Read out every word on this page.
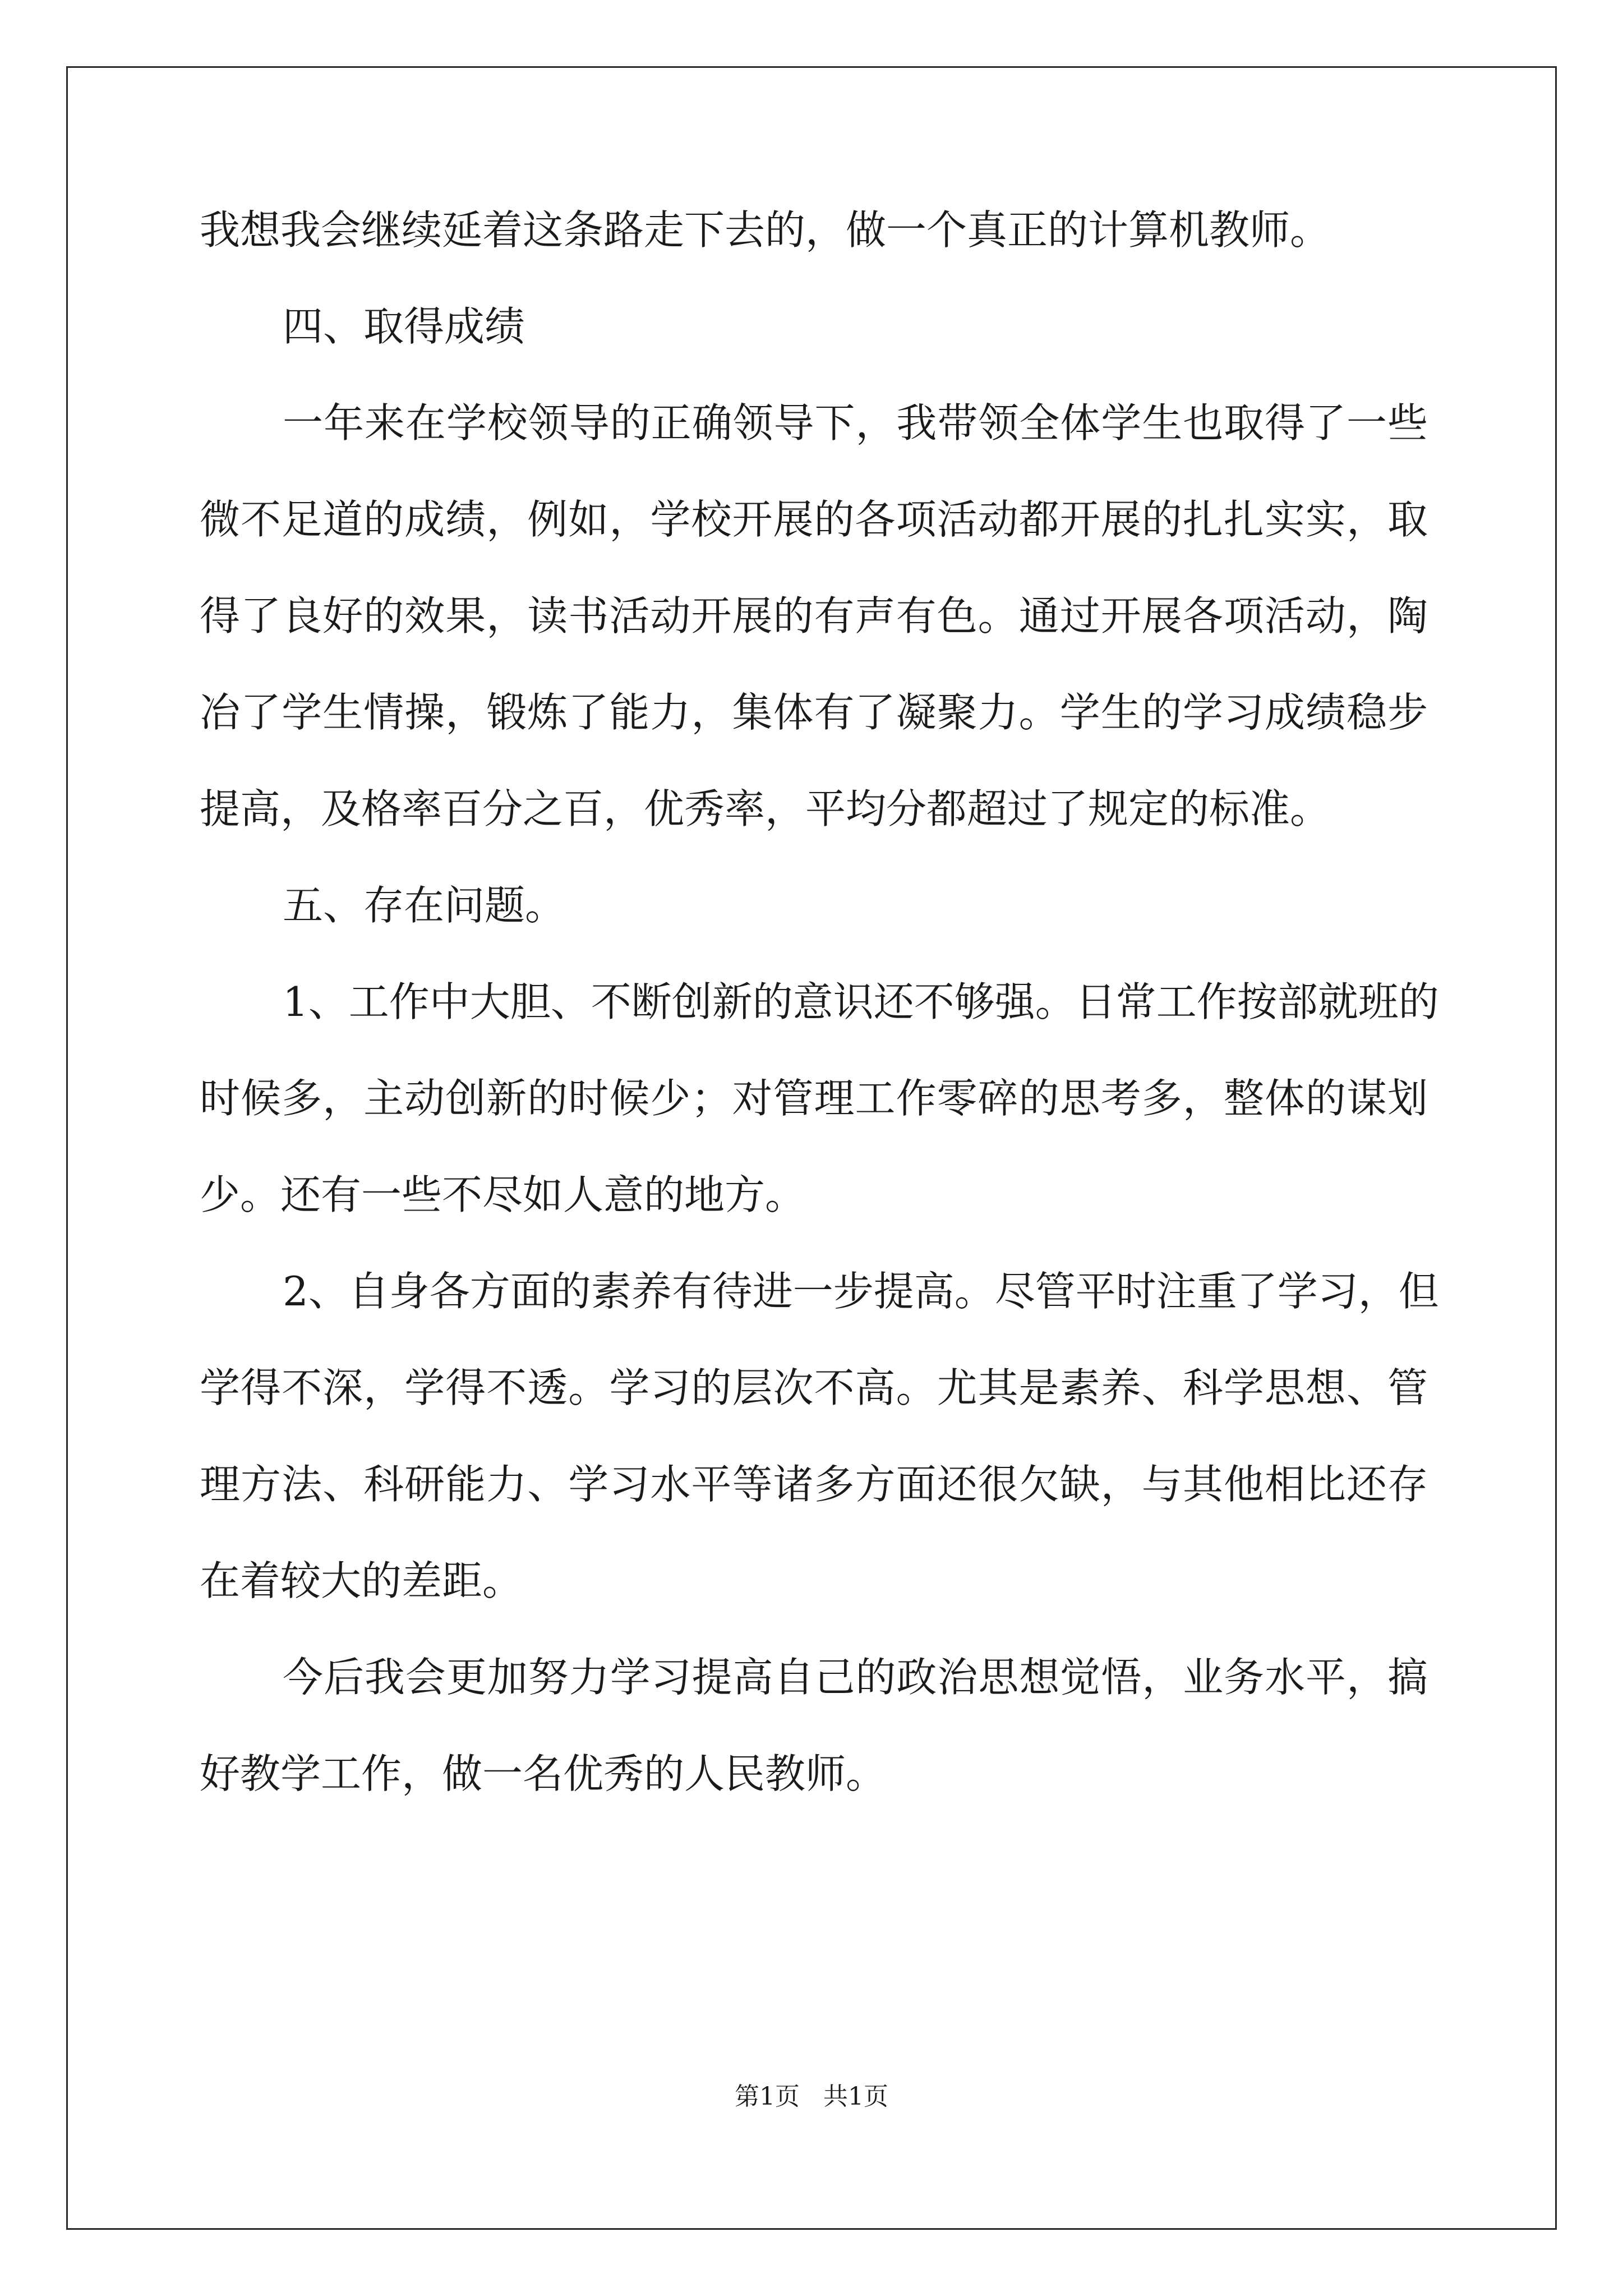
我想我会继续延着这条路走下去的，做一个真正的计算机教师。
四、取得成绩
一年来在学校领导的正确领导下，我带领全体学生也取得了一些
微不足道的成绩，例如，学校开展的各项活动都开展的扎扎实实，取
得了良好的效果，读书活动开展的有声有色。通过开展各项活动，陶
冶了学生情操，锻炼了能力，集体有了凝聚力。学生的学习成绩稳步
提高，及格率百分之百，优秀率，平均分都超过了规定的标准。
五、存在问题。
1、工作中大胆、不断创新的意识还不够强。日常工作按部就班的
时候多，主动创新的时候少；对管理工作零碎的思考多，整体的谋划
少。还有一些不尽如人意的地方。
2、自身各方面的素养有待进一步提高。尽管平时注重了学习，但
学得不深，学得不透。学习的层次不高。尤其是素养、科学思想、管
理方法、科研能力、学习水平等诸多方面还很欠缺，与其他相比还存
在着较大的差距。
今后我会更加努力学习提高自己的政治思想觉悟，业务水平，搞
好教学工作，做一名优秀的人民教师。
第1页 共1页
